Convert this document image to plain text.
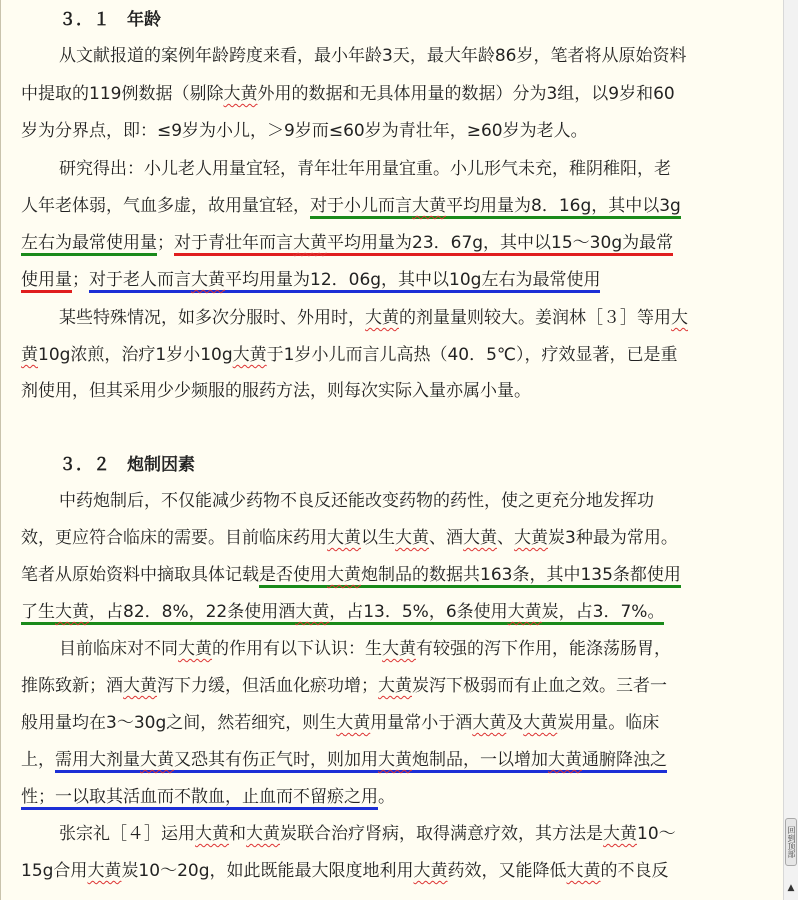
３．１　年龄
从文献报道的案例年龄跨度来看，最小年龄3天，最大年龄86岁，笔者将从原始资料
中提取的119例数据（剔除大黄外用的数据和无具体用量的数据）分为3组，以9岁和60
岁为分界点，即：≤9岁为小儿，＞9岁而≤60岁为青壮年，≥60岁为老人。
研究得出：小儿老人用量宜轻，青年壮年用量宜重。小儿形气未充，稚阴稚阳，老
人年老体弱，气血多虚，故用量宜轻，对于小儿而言大黄平均用量为8．16g，其中以3g
左右为最常使用量；对于青壮年而言大黄平均用量为23．67g，其中以15～30g为最常
使用量；对于老人而言大黄平均用量为12．06g，其中以10g左右为最常使用
某些特殊情况，如多次分服时、外用时，大黄的剂量量则较大。姜润林［３］等用大
黄10g浓煎，治疗1岁小10g大黄于1岁小儿而言儿高热（40．5℃），疗效显著，已是重
剂使用，但其采用少少频服的服药方法，则每次实际入量亦属小量。
３．２　炮制因素
中药炮制后，不仅能减少药物不良反还能改变药物的药性，使之更充分地发挥功
效，更应符合临床的需要。目前临床药用大黄以生大黄、酒大黄、大黄炭3种最为常用。
笔者从原始资料中摘取具体记载是否使用大黄炮制品的数据共163条，其中135条都使用
了生大黄，占82．8%，22条使用酒大黄，占13．5%，6条使用大黄炭，占3．7%。
目前临床对不同大黄的作用有以下认识：生大黄有较强的泻下作用，能涤荡肠胃，
推陈致新；酒大黄泻下力缓，但活血化瘀功增；大黄炭泻下极弱而有止血之效。三者一
般用量均在3～30g之间，然若细究，则生大黄用量常小于酒大黄及大黄炭用量。临床
上，需用大剂量大黄又恐其有伤正气时，则加用大黄炮制品，一以增加大黄通腑降浊之
性；一以取其活血而不散血，止血而不留瘀之用。
张宗礼［４］运用大黄和大黄炭联合治疗肾病，取得满意疗效，其方法是大黄10～
15g合用大黄炭10～20g，如此既能最大限度地利用大黄药效，又能降低大黄的不良反
回到顶部
▲
